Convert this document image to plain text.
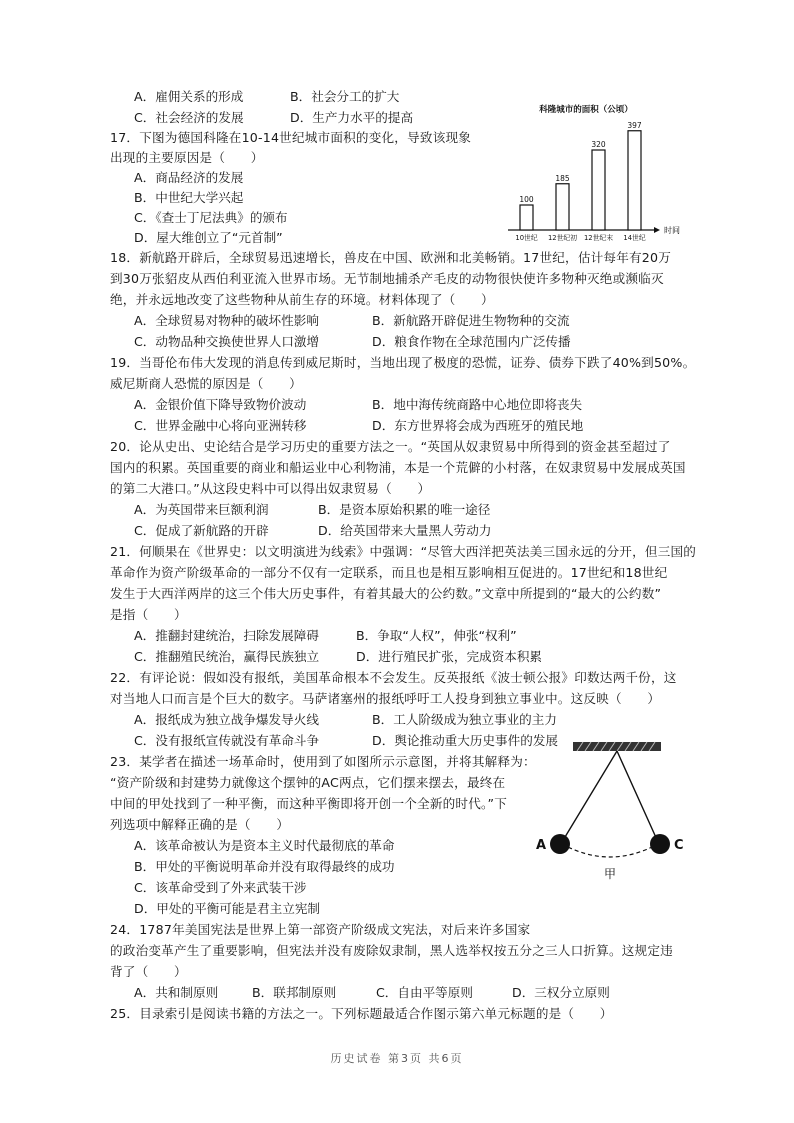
A．雇佣关系的形成	B．社会分工的扩大
C．社会经济的发展	D．生产力水平的提高
17．下图为德国科隆在10-14世纪城市面积的变化，导致该现象
出现的主要原因是（　　）
A．商品经济的发展
B．中世纪大学兴起
C．《查士丁尼法典》的颁布
D．屋大维创立了“元首制”
科隆城市的面积（公顷）
时间
100
10世纪
185
12世纪初
320
12世纪末
397
14世纪
18．新航路开辟后，全球贸易迅速增长，兽皮在中国、欧洲和北美畅销。17世纪，估计每年有20万
到30万张貂皮从西伯利亚流入世界市场。无节制地捕杀产毛皮的动物很快使许多物种灭绝或濒临灭
绝，并永远地改变了这些物种从前生存的环境。材料体现了（　　）
A．全球贸易对物种的破坏性影响	B．新航路开辟促进生物物种的交流
C．动物品种交换使世界人口激增	D．粮食作物在全球范围内广泛传播
19．当哥伦布伟大发现的消息传到威尼斯时，当地出现了极度的恐慌，证券、债券下跌了40%到50%。
威尼斯商人恐慌的原因是（　　）
A．金银价值下降导致物价波动	B．地中海传统商路中心地位即将丧失
C．世界金融中心将向亚洲转移	D．东方世界将会成为西班牙的殖民地
20．论从史出、史论结合是学习历史的重要方法之一。“英国从奴隶贸易中所得到的资金甚至超过了
国内的积累。英国重要的商业和船运业中心利物浦，本是一个荒僻的小村落，在奴隶贸易中发展成英国
的第二大港口。”从这段史料中可以得出奴隶贸易（　　）
A．为英国带来巨额利润	B．是资本原始积累的唯一途径
C．促成了新航路的开辟	D．给英国带来大量黑人劳动力
21．何顺果在《世界史：以文明演进为线索》中强调：“尽管大西洋把英法美三国永远的分开，但三国的
革命作为资产阶级革命的一部分不仅有一定联系，而且也是相互影响相互促进的。17世纪和18世纪
发生于大西洋两岸的这三个伟大历史事件，有着其最大的公约数。”文章中所提到的“最大的公约数”
是指（　　）
A．推翻封建统治，扫除发展障碍	B．争取“人权”，伸张“权利”
C．推翻殖民统治，赢得民族独立	D．进行殖民扩张，完成资本积累
22．有评论说：假如没有报纸，美国革命根本不会发生。反英报纸《波士顿公报》印数达两千份，这
对当地人口而言是个巨大的数字。马萨诸塞州的报纸呼吁工人投身到独立事业中。这反映（　　）
A．报纸成为独立战争爆发导火线	B．工人阶级成为独立事业的主力
C．没有报纸宣传就没有革命斗争	D．舆论推动重大历史事件的发展
23．某学者在描述一场革命时，使用到了如图所示示意图，并将其解释为：
“资产阶级和封建势力就像这个摆钟的AC两点，它们摆来摆去，最终在
中间的甲处找到了一种平衡，而这种平衡即将开创一个全新的时代。”下
列选项中解释正确的是（　　）
A．该革命被认为是资本主义时代最彻底的革命
B．甲处的平衡说明革命并没有取得最终的成功
C．该革命受到了外来武装干涉
D．甲处的平衡可能是君主立宪制
A	C
甲
24．1787年美国宪法是世界上第一部资产阶级成文宪法，对后来许多国家
的政治变革产生了重要影响，但宪法并没有废除奴隶制，黑人选举权按五分之三人口折算。这规定违
背了（　　）
A．共和制原则	B．联邦制原则	C．自由平等原则	D．三权分立原则
25．目录索引是阅读书籍的方法之一。下列标题最适合作图示第六单元标题的是（　　）
历史试卷 第3页 共6页
